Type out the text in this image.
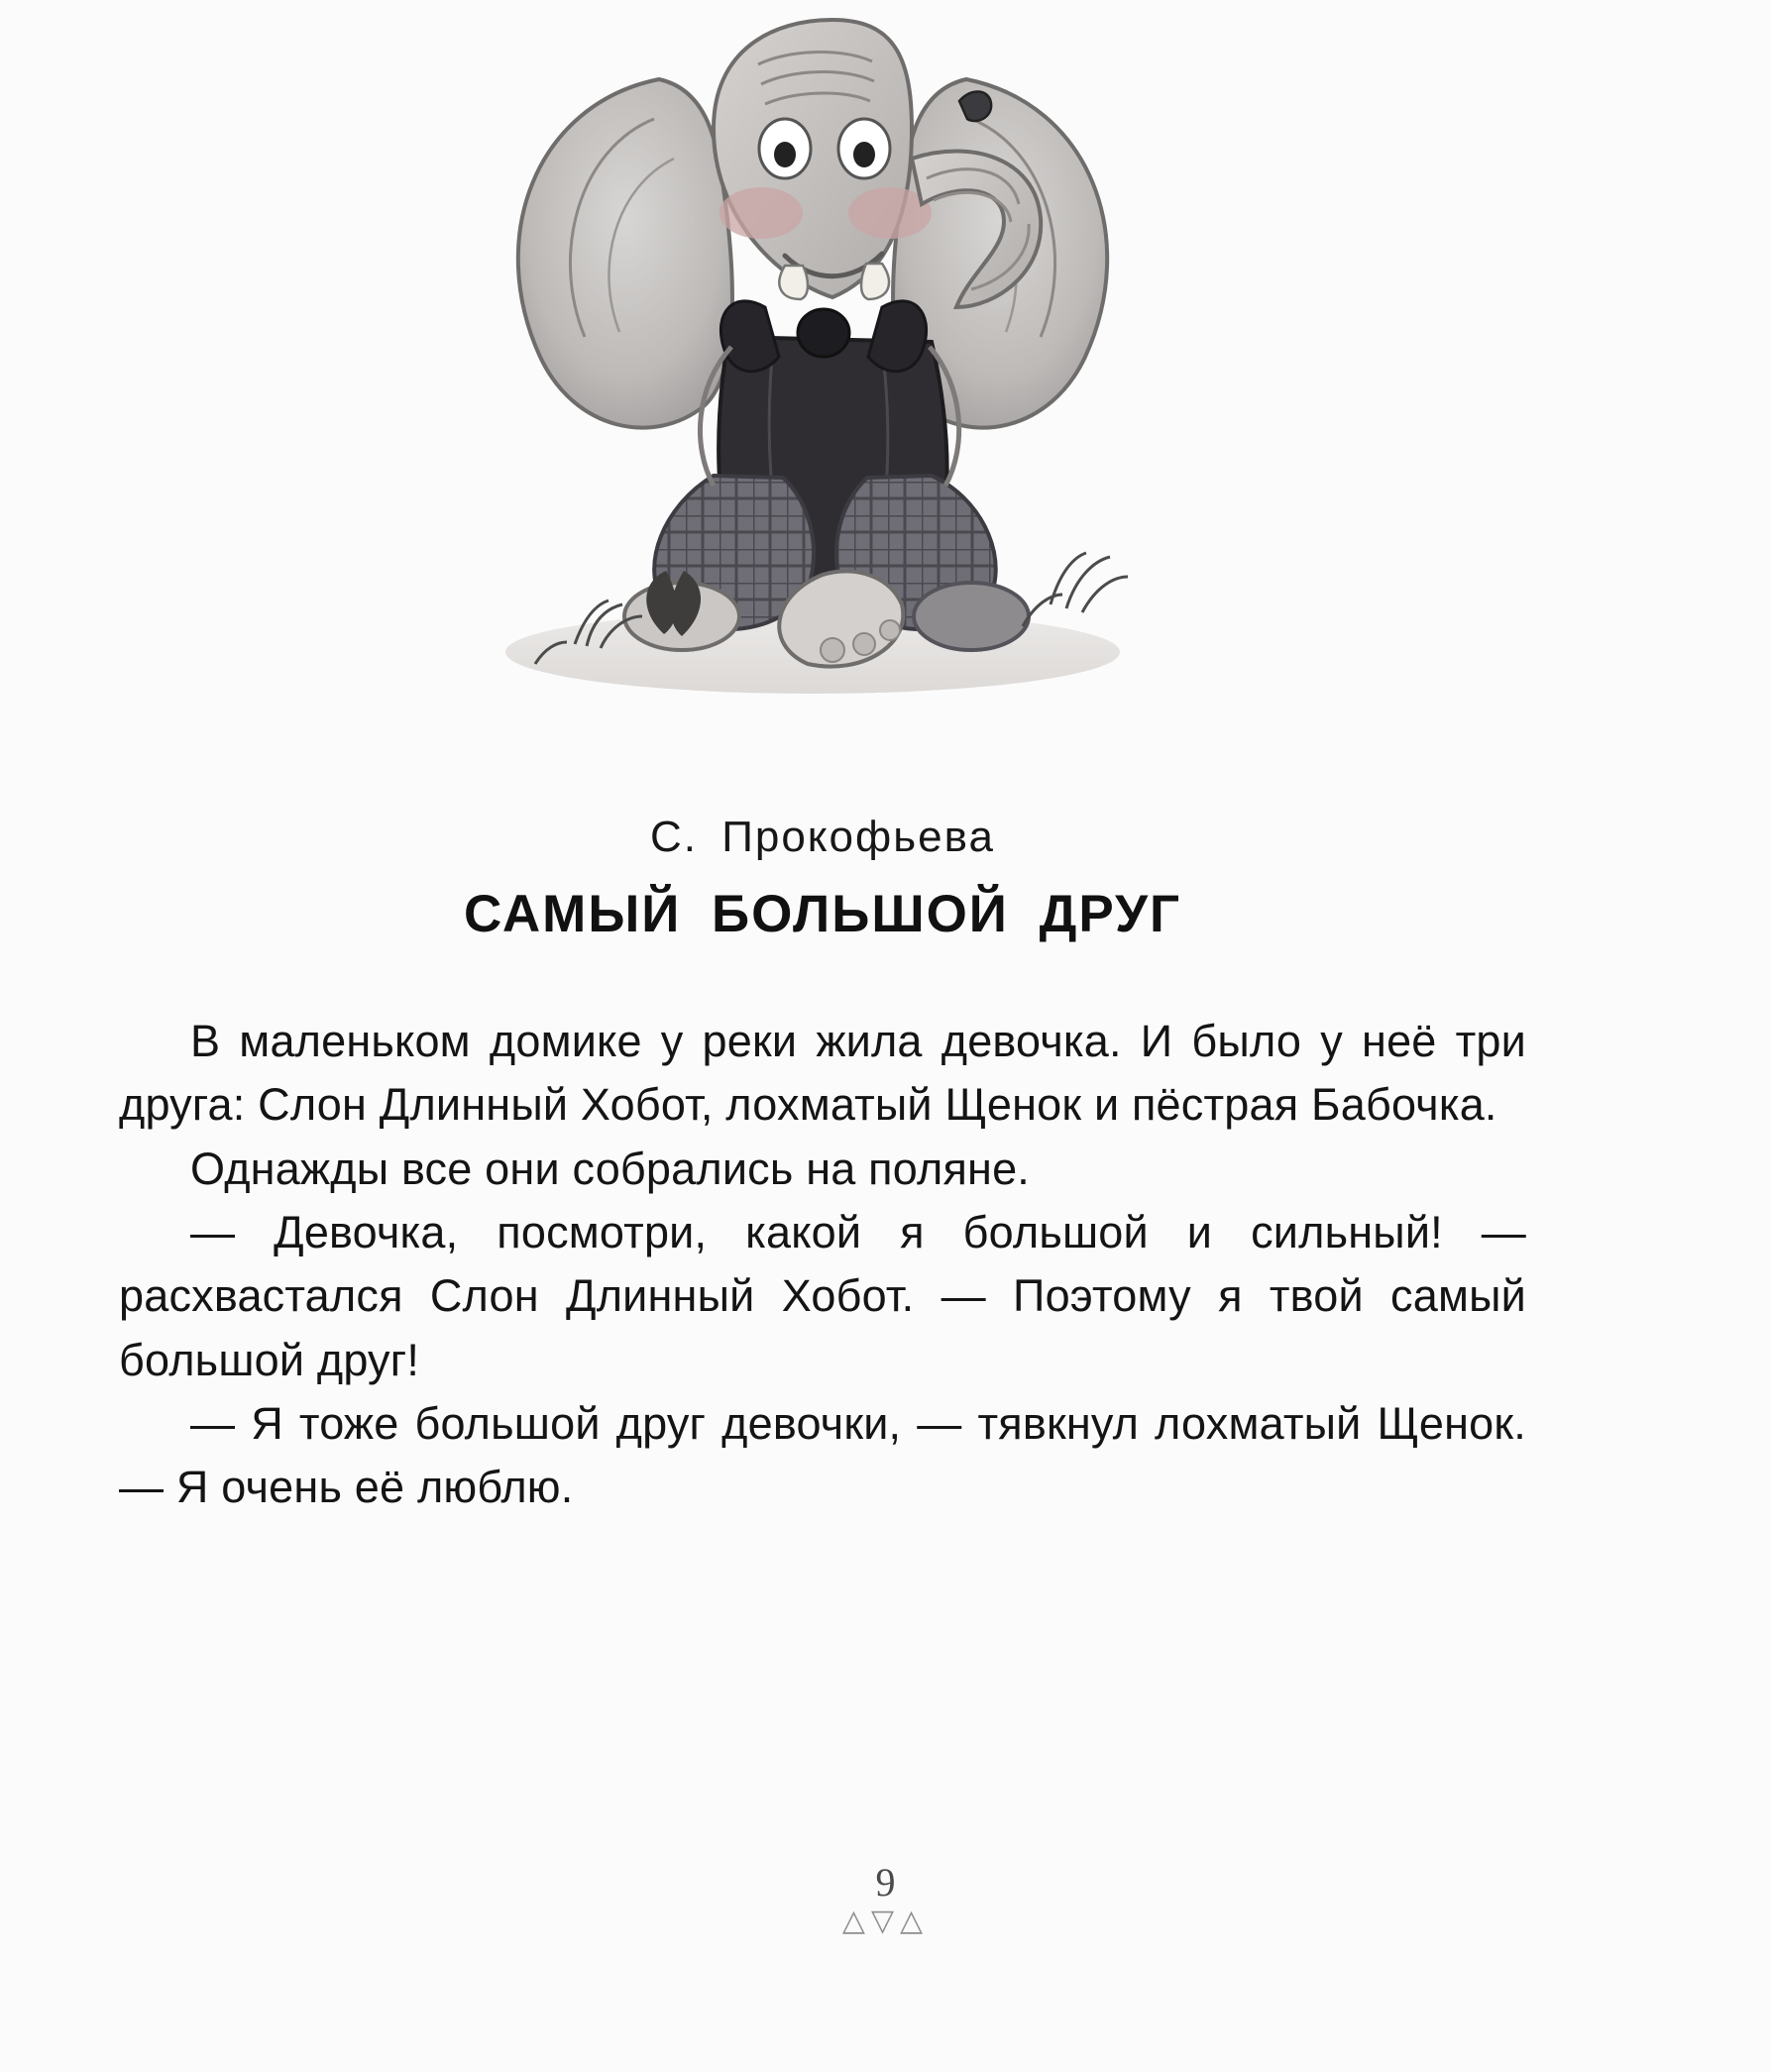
С. Прокофьева
САМЫЙ БОЛЬШОЙ ДРУГ

В маленьком домике у реки жила девочка. И было у неё три друга: Слон Длинный Хобот, лохматый Щенок и пёстрая Бабочка.

Однажды все они собрались на поляне.

— Девочка, посмотри, какой я большой и сильный! — расхвастался Слон Длинный Хобот. — Поэтому я твой самый большой друг!

— Я тоже большой друг девочки, — тявкнул лохматый Щенок. — Я очень её люблю.

9
△▽△
